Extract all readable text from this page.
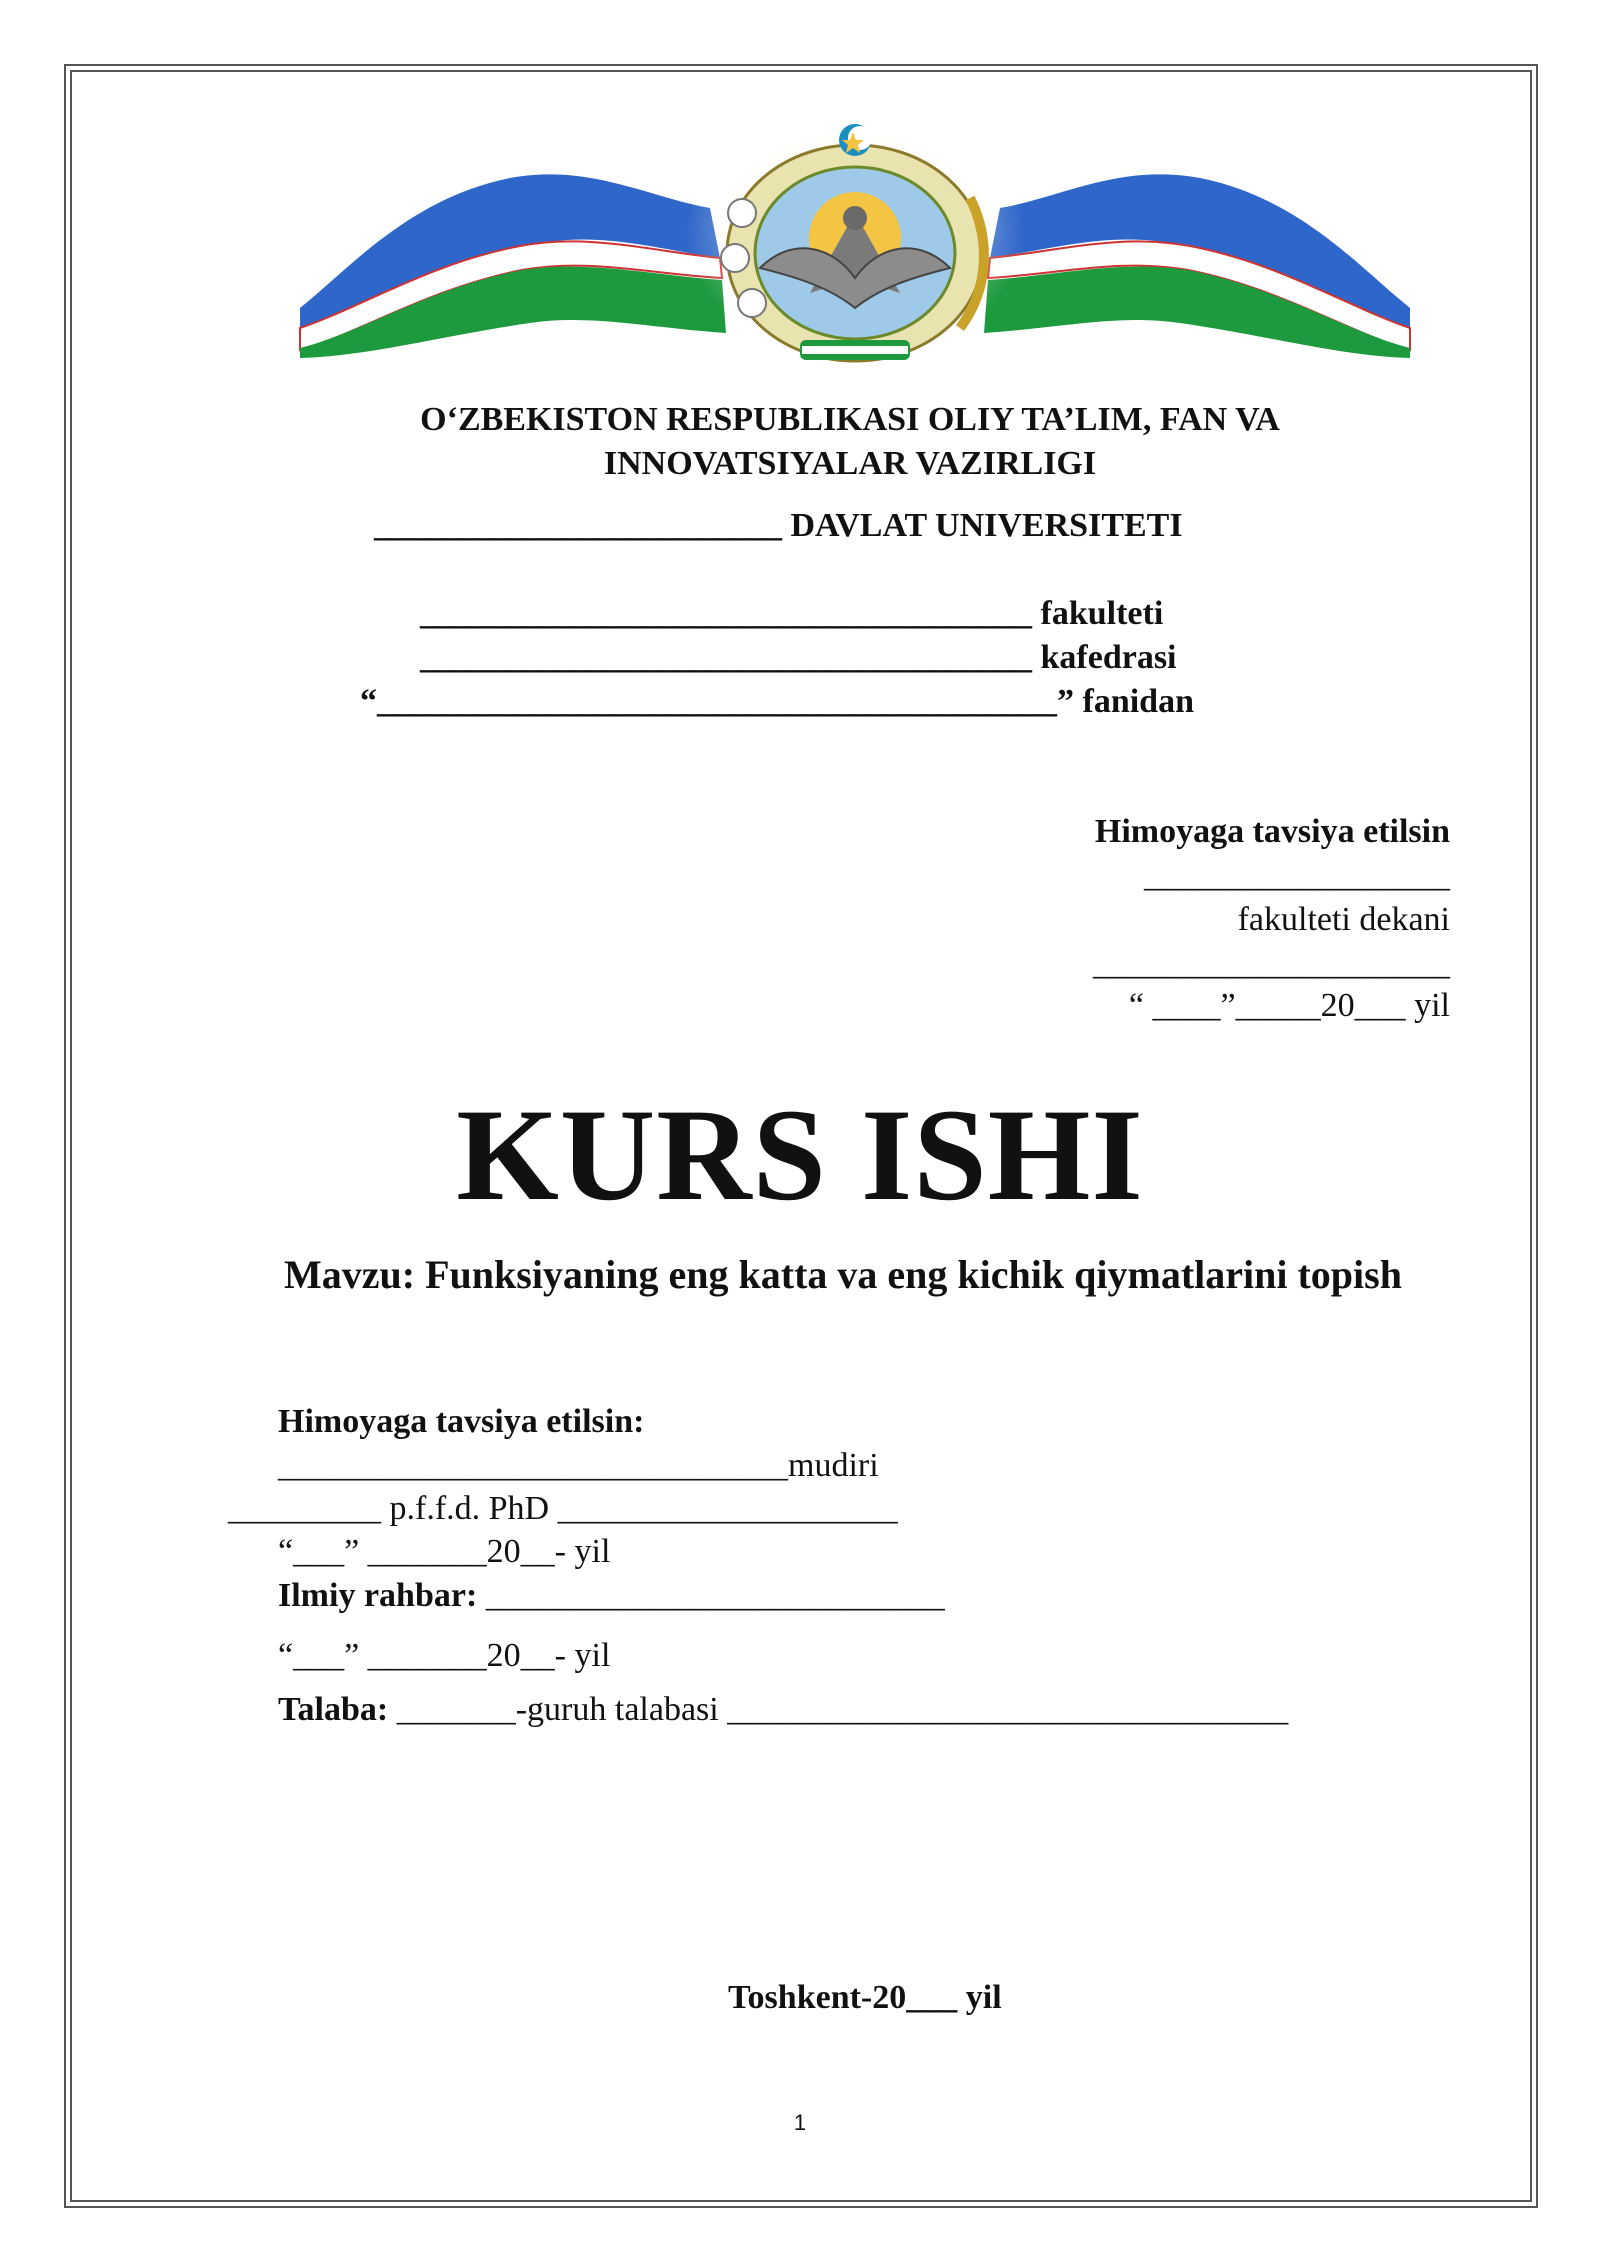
O‘ZBEKISTON RESPUBLIKASI OLIY TA’LIM, FAN VA
INNOVATSIYALAR VAZIRLIGI
________________________ DAVLAT UNIVERSITETI
____________________________________ fakulteti
____________________________________ kafedrasi
“________________________________________” fanidan
Himoyaga tavsiya etilsin
__________________
fakulteti dekani
_____________________
“ ____”_____20___ yil
KURS ISHI
Mavzu: Funksiyaning eng katta va eng kichik qiymatlarini topish
Himoyaga tavsiya etilsin:
______________________________mudiri
_________ p.f.f.d. PhD ____________________
“___” _______20__- yil
Ilmiy rahbar: ___________________________
“___” _______20__- yil
Talaba: _______-guruh talabasi _________________________________
Toshkent-20___ yil
1
